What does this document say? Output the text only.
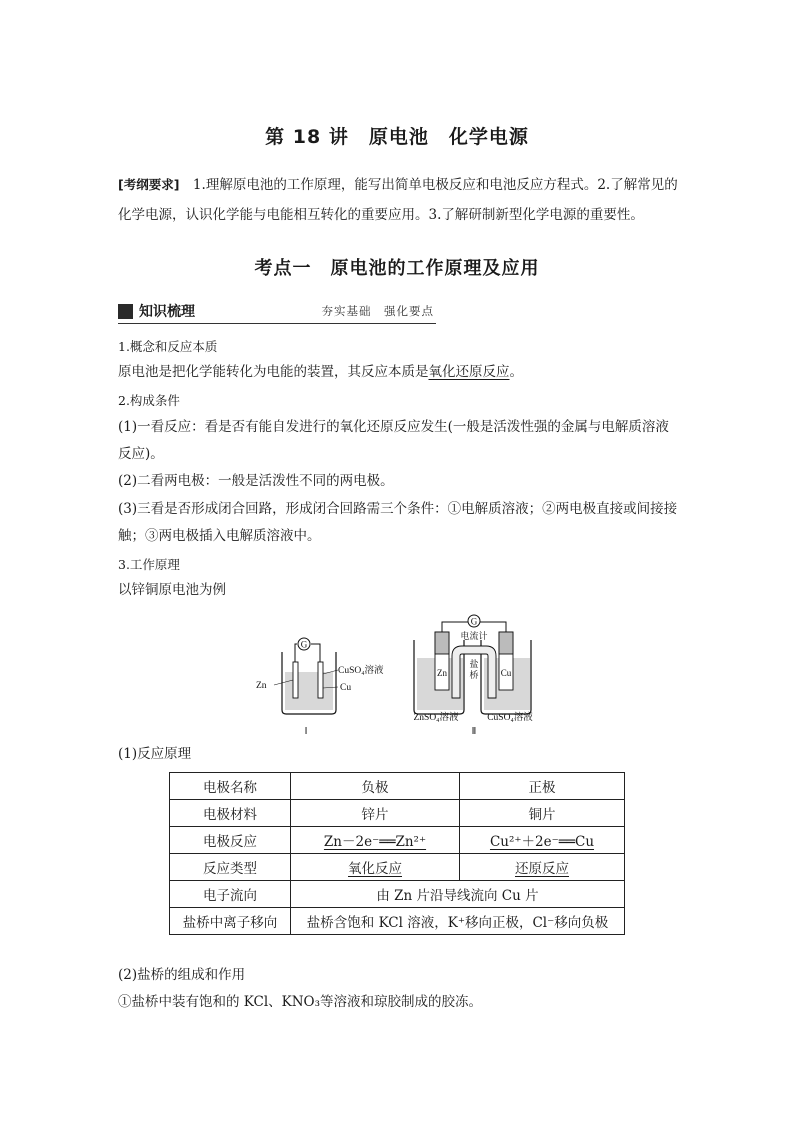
第 18 讲　原电池　化学电源
[考纲要求]　1.理解原电池的工作原理，能写出简单电极反应和电池反应方程式。2.了解常见的化学电源，认识化学能与电能相互转化的重要应用。3.了解研制新型化学电源的重要性。
考点一　原电池的工作原理及应用
知识梳理	夯实基础　强化要点
1.概念和反应本质
原电池是把化学能转化为电能的装置，其反应本质是氧化还原反应。
2.构成条件
(1)一看反应：看是否有能自发进行的氧化还原反应发生(一般是活泼性强的金属与电解质溶液反应)。
(2)二看两电极：一般是活泼性不同的两电极。
(3)三看是否形成闭合回路，形成闭合回路需三个条件：①电解质溶液；②两电极直接或间接接触；③两电极插入电解质溶液中。
3.工作原理
以锌铜原电池为例
G
Zn
CuSO₄溶液
Cu
Ⅰ
G
电流计
盐
桥
Zn	Cu
ZnSO₄溶液	CuSO₄溶液
Ⅱ
(1)反应原理
电极名称	负极	正极
电极材料	锌片	铜片
电极反应	Zn－2e⁻══Zn²⁺	Cu²⁺＋2e⁻══Cu
反应类型	氧化反应	还原反应
电子流向	由 Zn 片沿导线流向 Cu 片	
盐桥中离子移向	盐桥含饱和 KCl 溶液，K⁺移向正极，Cl⁻移向负极	
(2)盐桥的组成和作用
①盐桥中装有饱和的 KCl、KNO₃等溶液和琼胶制成的胶冻。
